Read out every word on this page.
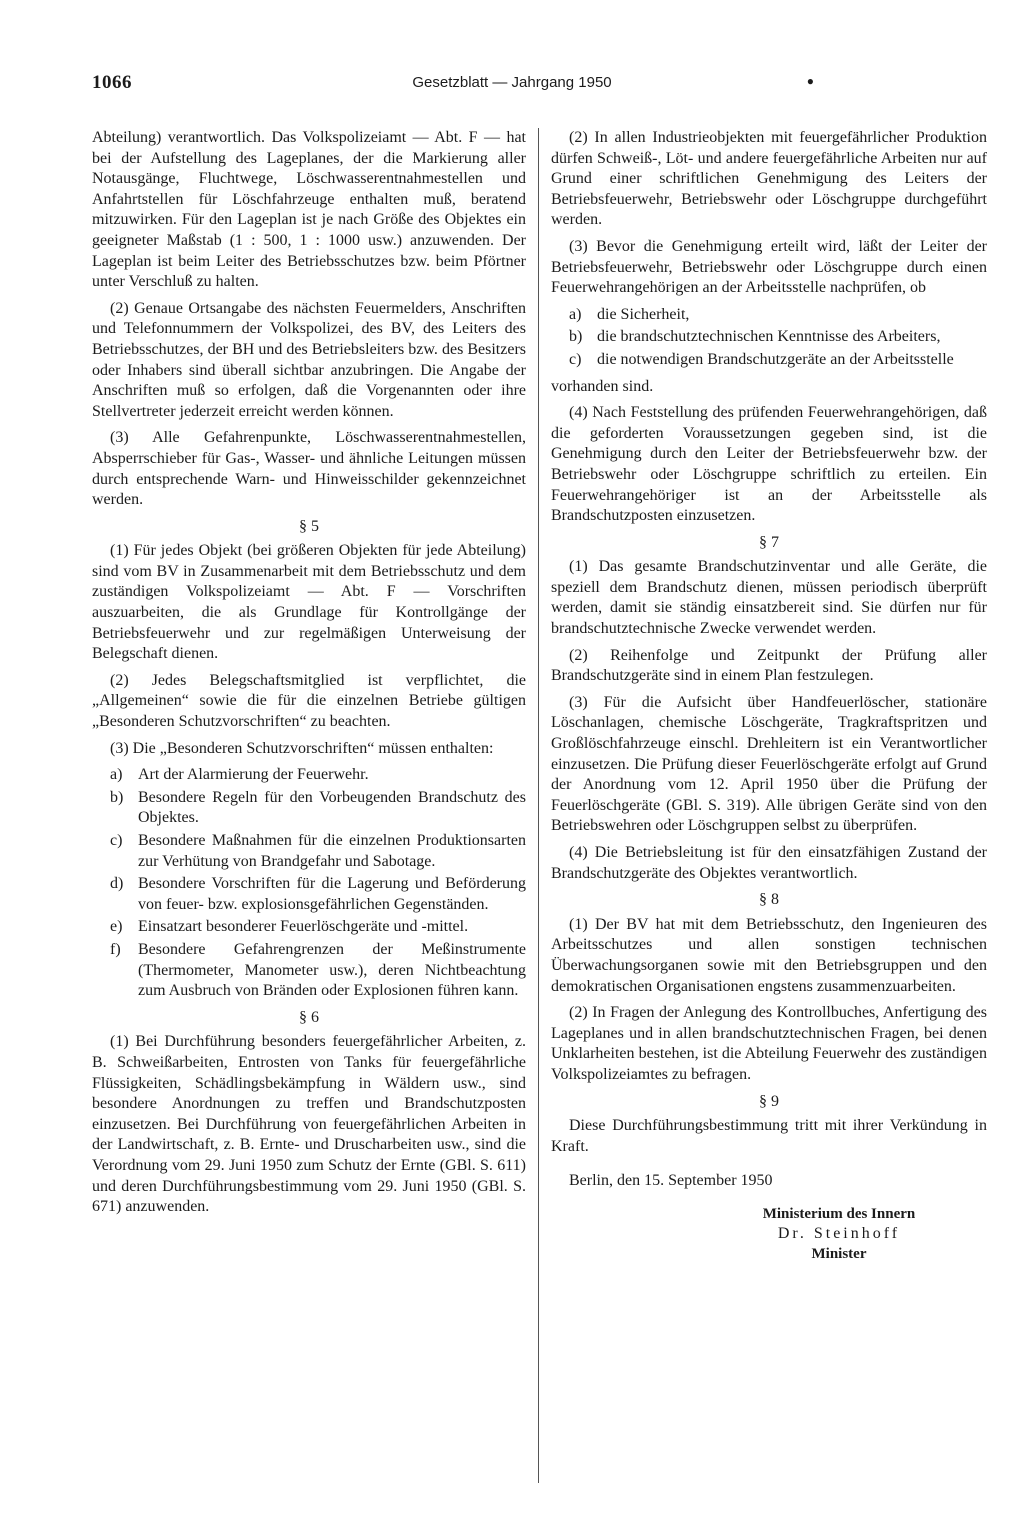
1066	Gesetzblatt — Jahrgang 1950	●

Abteilung) verantwortlich. Das Volkspolizeiamt — Abt. F — hat bei der Aufstellung des Lageplanes, der die Markierung aller Notausgänge, Fluchtwege, Löschwasserentnahmestellen und Anfahrtstellen für Löschfahrzeuge enthalten muß, beratend mitzuwirken. Für den Lageplan ist je nach Größe des Objektes ein geeigneter Maßstab (1 : 500, 1 : 1000 usw.) anzuwenden. Der Lageplan ist beim Leiter des Betriebsschutzes bzw. beim Pförtner unter Verschluß zu halten.

(2) Genaue Ortsangabe des nächsten Feuermelders, Anschriften und Telefonnummern der Volkspolizei, des BV, des Leiters des Betriebsschutzes, der BH und des Betriebsleiters bzw. des Besitzers oder Inhabers sind überall sichtbar anzubringen. Die Angabe der Anschriften muß so erfolgen, daß die Vorgenannten oder ihre Stellvertreter jederzeit erreicht werden können.

(3) Alle Gefahrenpunkte, Löschwasserentnahmestellen, Absperrschieber für Gas-, Wasser- und ähnliche Leitungen müssen durch entsprechende Warn- und Hinweisschilder gekennzeichnet werden.

§ 5

(1) Für jedes Objekt (bei größeren Objekten für jede Abteilung) sind vom BV in Zusammenarbeit mit dem Betriebsschutz und dem zuständigen Volkspolizeiamt — Abt. F — Vorschriften auszuarbeiten, die als Grundlage für Kontrollgänge der Betriebsfeuerwehr und zur regelmäßigen Unterweisung der Belegschaft dienen.

(2) Jedes Belegschaftsmitglied ist verpflichtet, die „Allgemeinen“ sowie die für die einzelnen Betriebe gültigen „Besonderen Schutzvorschriften“ zu beachten.

(3) Die „Besonderen Schutzvorschriften“ müssen enthalten:

a) Art der Alarmierung der Feuerwehr.
b) Besondere Regeln für den Vorbeugenden Brandschutz des Objektes.
c) Besondere Maßnahmen für die einzelnen Produktionsarten zur Verhütung von Brandgefahr und Sabotage.
d) Besondere Vorschriften für die Lagerung und Beförderung von feuer- bzw. explosionsgefährlichen Gegenständen.
e) Einsatzart besonderer Feuerlöschgeräte und -mittel.
f) Besondere Gefahrengrenzen der Meßinstrumente (Thermometer, Manometer usw.), deren Nichtbeachtung zum Ausbruch von Bränden oder Explosionen führen kann.
§ 6

(1) Bei Durchführung besonders feuergefährlicher Arbeiten, z. B. Schweißarbeiten, Entrosten von Tanks für feuergefährliche Flüssigkeiten, Schädlingsbekämpfung in Wäldern usw., sind besondere Anordnungen zu treffen und Brandschutzposten einzusetzen. Bei Durchführung von feuergefährlichen Arbeiten in der Landwirtschaft, z. B. Ernte- und Druscharbeiten usw., sind die Verordnung vom 29. Juni 1950 zum Schutz der Ernte (GBl. S. 611) und deren Durchführungsbestimmung vom 29. Juni 1950 (GBl. S. 671) anzuwenden.

(2) In allen Industrieobjekten mit feuergefährlicher Produktion dürfen Schweiß-, Löt- und andere feuergefährliche Arbeiten nur auf Grund einer schriftlichen Genehmigung des Leiters der Betriebsfeuerwehr, Betriebswehr oder Löschgruppe durchgeführt werden.

(3) Bevor die Genehmigung erteilt wird, läßt der Leiter der Betriebsfeuerwehr, Betriebswehr oder Löschgruppe durch einen Feuerwehrangehörigen an der Arbeitsstelle nachprüfen, ob

a) die Sicherheit,
b) die brandschutztechnischen Kenntnisse des Arbeiters,
c) die notwendigen Brandschutzgeräte an der Arbeitsstelle

vorhanden sind.

(4) Nach Feststellung des prüfenden Feuerwehrangehörigen, daß die geforderten Voraussetzungen gegeben sind, ist die Genehmigung durch den Leiter der Betriebsfeuerwehr bzw. der Betriebswehr oder Löschgruppe schriftlich zu erteilen. Ein Feuerwehrangehöriger ist an der Arbeitsstelle als Brandschutzposten einzusetzen.

§ 7

(1) Das gesamte Brandschutzinventar und alle Geräte, die speziell dem Brandschutz dienen, müssen periodisch überprüft werden, damit sie ständig einsatzbereit sind. Sie dürfen nur für brandschutztechnische Zwecke verwendet werden.

(2) Reihenfolge und Zeitpunkt der Prüfung aller Brandschutzgeräte sind in einem Plan festzulegen.

(3) Für die Aufsicht über Handfeuerlöscher, stationäre Löschanlagen, chemische Löschgeräte, Tragkraftspritzen und Großlöschfahrzeuge einschl. Drehleitern ist ein Verantwortlicher einzusetzen. Die Prüfung dieser Feuerlöschgeräte erfolgt auf Grund der Anordnung vom 12. April 1950 über die Prüfung der Feuerlöschgeräte (GBl. S. 319). Alle übrigen Geräte sind von den Betriebswehren oder Löschgruppen selbst zu überprüfen.

(4) Die Betriebsleitung ist für den einsatzfähigen Zustand der Brandschutzgeräte des Objektes verantwortlich.

§ 8

(1) Der BV hat mit dem Betriebsschutz, den Ingenieuren des Arbeitsschutzes und allen sonstigen technischen Überwachungsorganen sowie mit den Betriebsgruppen und den demokratischen Organisationen engstens zusammenzuarbeiten.

(2) In Fragen der Anlegung des Kontrollbuches, Anfertigung des Lageplanes und in allen brandschutztechnischen Fragen, bei denen Unklarheiten bestehen, ist die Abteilung Feuerwehr des zuständigen Volkspolizeiamtes zu befragen.

§ 9

Diese Durchführungsbestimmung tritt mit ihrer Verkündung in Kraft.

Berlin, den 15. September 1950

Ministerium des Innern

Dr. Steinhoff

Minister
